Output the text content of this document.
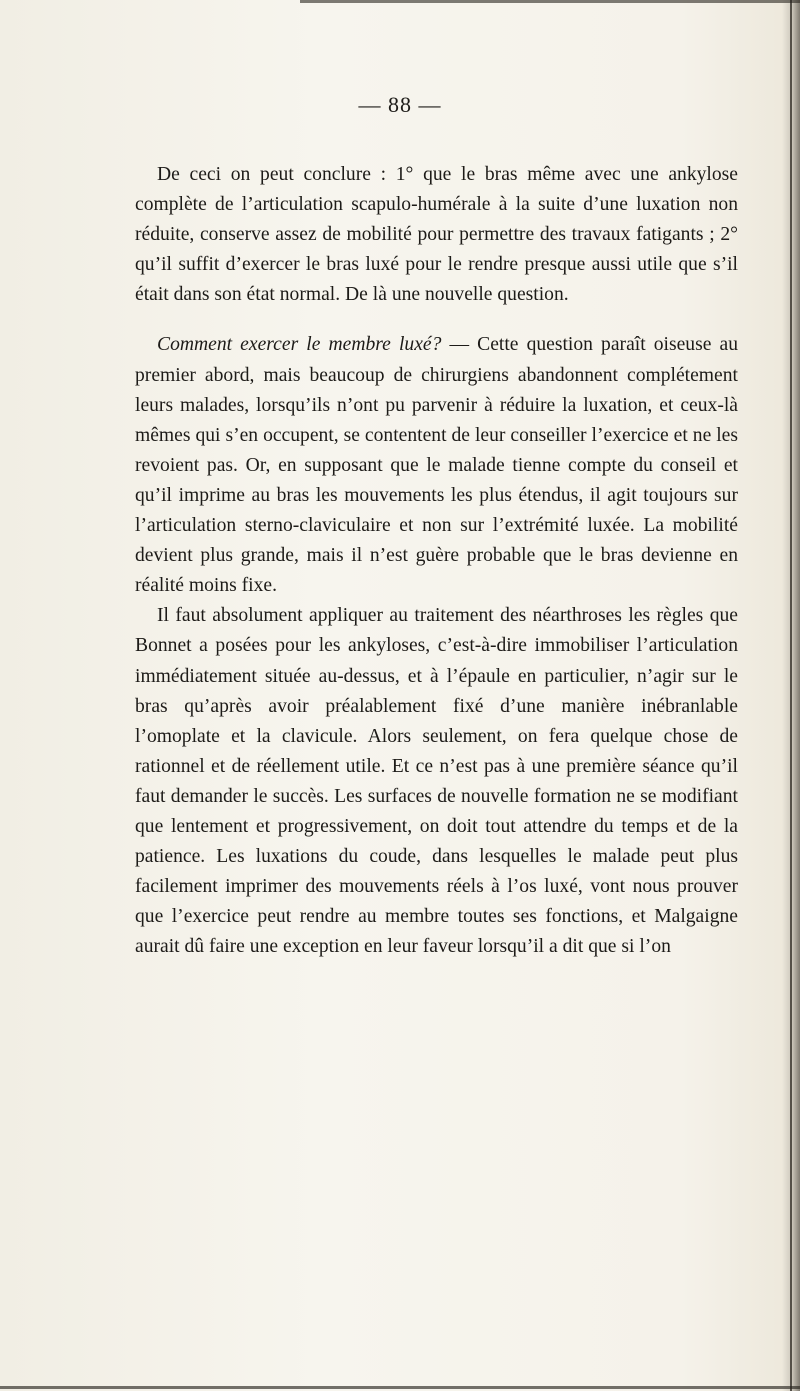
— 88 —

De ceci on peut conclure : 1° que le bras même avec une ankylose complète de l’articulation scapulo-humérale à la suite d’une luxation non réduite, conserve assez de mobilité pour permettre des travaux fatigants ; 2° qu’il suffit d’exercer le bras luxé pour le rendre presque aussi utile que s’il était dans son état normal. De là une nouvelle question.

Comment exercer le membre luxé? — Cette question paraît oiseuse au premier abord, mais beaucoup de chirurgiens abandonnent complétement leurs malades, lorsqu’ils n’ont pu parvenir à réduire la luxation, et ceux-là mêmes qui s’en occupent, se contentent de leur conseiller l’exercice et ne les revoient pas. Or, en supposant que le malade tienne compte du conseil et qu’il imprime au bras les mouvements les plus étendus, il agit toujours sur l’articulation sterno-claviculaire et non sur l’extrémité luxée. La mobilité devient plus grande, mais il n’est guère probable que le bras devienne en réalité moins fixe.

Il faut absolument appliquer au traitement des néarthroses les règles que Bonnet a posées pour les ankyloses, c’est-à-dire immobiliser l’articulation immédiatement située au-dessus, et à l’épaule en particulier, n’agir sur le bras qu’après avoir préalablement fixé d’une manière inébranlable l’omoplate et la clavicule. Alors seulement, on fera quelque chose de rationnel et de réellement utile. Et ce n’est pas à une première séance qu’il faut demander le succès. Les surfaces de nouvelle formation ne se modifiant que lentement et progressivement, on doit tout attendre du temps et de la patience. Les luxations du coude, dans lesquelles le malade peut plus facilement imprimer des mouvements réels à l’os luxé, vont nous prouver que l’exercice peut rendre au membre toutes ses fonctions, et Malgaigne aurait dû faire une exception en leur faveur lorsqu’il a dit que si l’on
